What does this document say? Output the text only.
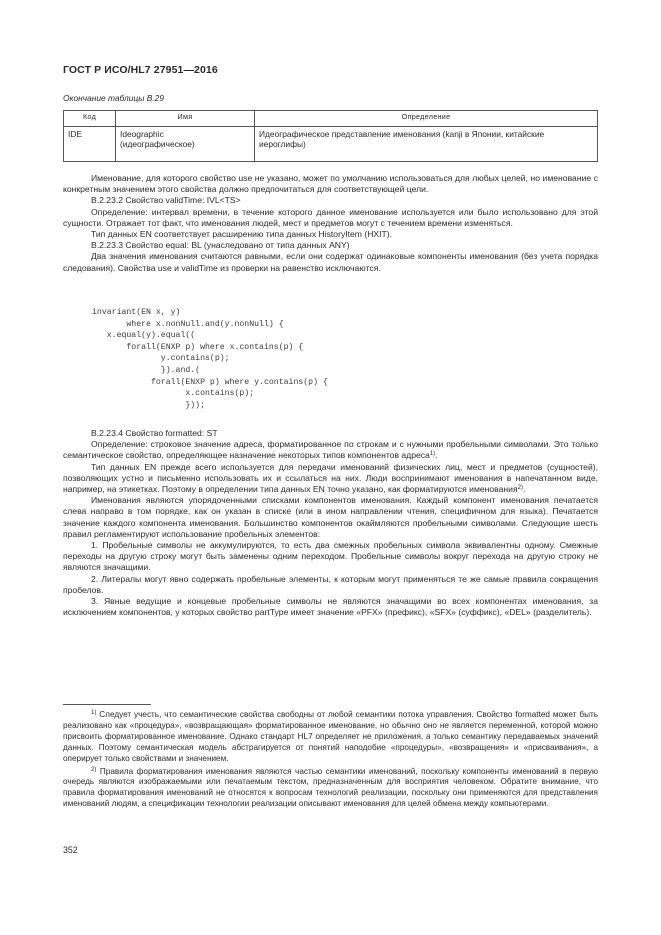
ГОСТ Р ИСО/HL7 27951—2016
Окончание таблицы В.29
Код	Имя	Определение
IDE	Ideographic (идеографическое)	Идеографическое представление именования (kanji в Японии, китайские иероглифы)

Именование, для которого свойство use не указано, может по умолчанию использоваться для любых целей, но именование с конкретным значением этого свойства должно предпочитаться для соответствующей цели.

В.2.23.2 Свойство validTime: IVL<TS>

Определение: интервал времени, в течение которого данное именование используется или было использовано для этой сущности. Отражает тот факт, что именования людей, мест и предметов могут с течением времени изменяться.

Тип данных EN соответствует расширению типа данных HistoryItem (HXIT).

В.2.23.3 Свойство equal: BL (унаследовано от типа данных ANY)

Два значения именования считаются равными, если они содержат одинаковые компоненты именования (без учета порядка следования). Свойства use и validTime из проверки на равенство исключаются.

invariant(EN x, y)
where x.nonNull.and(y.nonNull) {
x.equal(y).equal((
forall(ENXP p) where x.contains(p) {
y.contains(p);
}).and.(
forall(ENXP p) where y.contains(p) {
x.contains(p);
}));

В.2.23.4 Свойство formatted: ST

Определение: строковое значение адреса, форматированное по строкам и с нужными пробельными символами. Это только семантическое свойство, определяющее назначение некоторых типов компонентов адреса$^{1)}$.

Тип данных EN прежде всего используется для передачи именований физических лиц, мест и предметов (сущностей), позволяющих устно и письменно использовать их и ссылаться на них. Люди воспринимают именования в напечатанном виде, например, на этикетках. Поэтому в определении типа данных EN точно указано, как форматируются именования$^{2)}$.

Именования являются упорядоченными списками компонентов именования. Каждый компонент именования печатается слева направо в том порядке, как он указан в списке (или в ином направлении чтения, специфичном для языка). Печатается значение каждого компонента именования. Большинство компонентов окаймляются пробельными символами. Следующие шесть правил регламентируют использование пробельных элементов:

1. Пробельные символы не аккумулируются, то есть два смежных пробельных символа эквивалентны одному. Смежные переходы на другую строку могут быть заменены одним переходом. Пробельные символы вокруг перехода на другую строку не являются значащими.

2. Литералы могут явно содержать пробельные элементы, к которым могут применяться те же самые правила сокращения пробелов.

3. Явные ведущие и концевые пробельные символы не являются значащими во всех компонентах именования, за исключением компонентов, у которых свойство partType имеет значение «PFX» (префикс), «SFX» (суффикс), «DEL» (разделитель).

$^{1)}$ Следует учесть, что семантические свойства свободны от любой семантики потока управления. Свойство formatted может быть реализовано как «процедура», «возвращающая» форматированное именование, но обычно оно не является переменной, которой можно присвоить форматированное именование. Однако стандарт HL7 определяет не приложения, а только семантику передаваемых значений данных. Поэтому семантическая модель абстрагируется от понятий наподобие «процедуры», «возвращения» и «присваивания», а оперирует только свойствами и значением.

$^{2)}$ Правила форматирования именования являются частью семантики именований, поскольку компоненты именований в первую очередь являются изображаемыми или печатаемым текстом, предназначенным для восприятия человеком. Обратите внимание, что правила форматирования именований не относятся к вопросам технологий реализации, поскольку они применяются для представления именований людям, а спецификации технологии реализации описывают именования для целей обмена между компьютерами.

352
